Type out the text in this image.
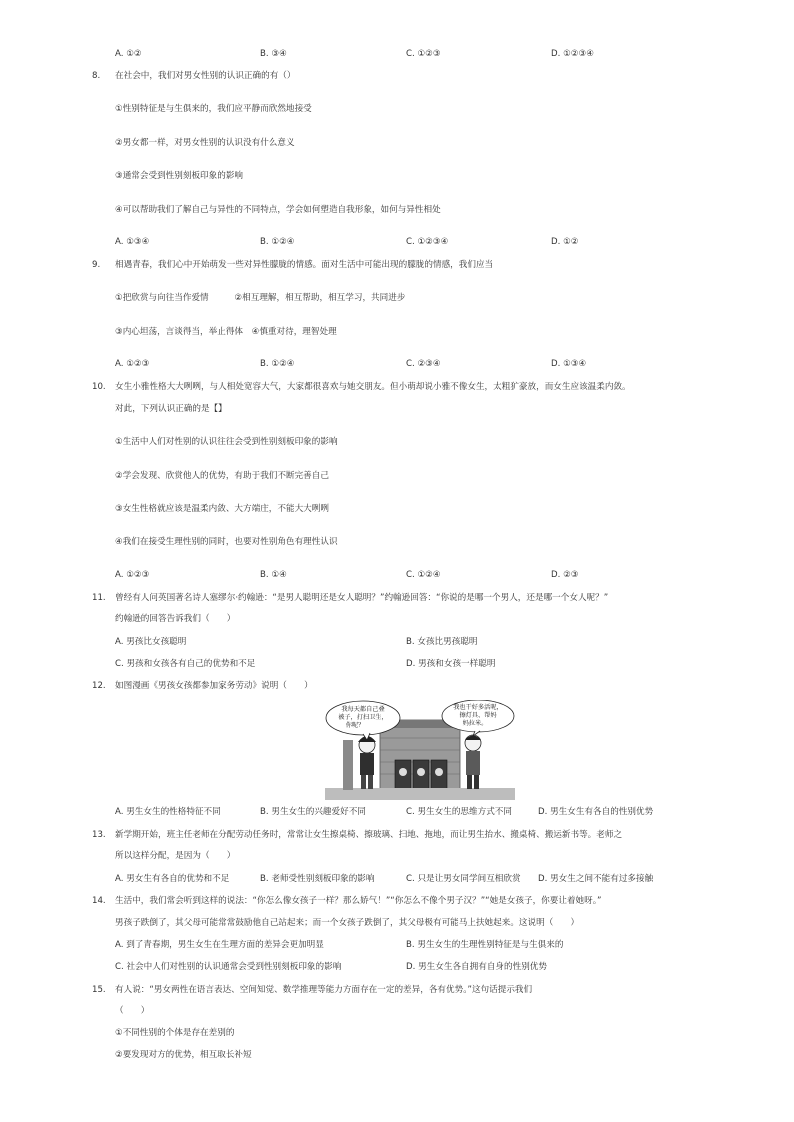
A. ①②	B. ③④	C. ①②③	D. ①②③④
8. 在社会中，我们对男女性别的认识正确的有（）
①性别特征是与生俱来的，我们应平静而欣然地接受
②男女都一样，对男女性别的认识没有什么意义
③通常会受到性别刻板印象的影响
④可以帮助我们了解自己与异性的不同特点，学会如何塑造自我形象，如何与异性相处
A. ①③④	B. ①②④	C. ①②③④	D. ①②
9. 相遇青春，我们心中开始萌发一些对异性朦胧的情感。面对生活中可能出现的朦胧的情感，我们应当
①把欣赏与向往当作爱情　　　②相互理解，相互帮助，相互学习，共同进步
③内心坦荡，言谈得当，举止得体　④慎重对待，理智处理
A. ①②③	B. ①②④	C. ②③④	D. ①③④
10. 女生小雅性格大大咧咧，与人相处宽容大气，大家都很喜欢与她交朋友。但小萌却说小雅不像女生，太粗犷豪放，而女生应该温柔内敛。
对此，下列认识正确的是【】
①生活中人们对性别的认识往往会受到性别刻板印象的影响
②学会发现、欣赏他人的优势，有助于我们不断完善自己
③女生性格就应该是温柔内敛、大方端庄，不能大大咧咧
④我们在接受生理性别的同时，也要对性别角色有理性认识
A. ①②③	B. ①④	C. ①②④	D. ②③
11. 曾经有人问英国著名诗人塞缪尔·约翰逊：“是男人聪明还是女人聪明？”约翰逊回答：“你说的是哪一个男人，还是哪一个女人呢？”
约翰逊的回答告诉我们（　　）
A. 男孩比女孩聪明	B. 女孩比男孩聪明
C. 男孩和女孩各有自己的优势和不足	D. 男孩和女孩一样聪明
12. 如图漫画《男孩女孩都参加家务劳动》说明（　　）
我每天都自己叠
被子，打扫卫生，
你呢？
我也干好多活呢，
擦灯具、帮妈
妈拉米。
A. 男生女生的性格特征不同	B. 男生女生的兴趣爱好不同	C. 男生女生的思维方式不同	D. 男生女生有各自的性别优势
13. 新学期开始，班主任老师在分配劳动任务时，常常让女生擦桌椅、擦玻璃、扫地、拖地，而让男生抬水、搬桌椅、搬运新书等。老师之
所以这样分配，是因为（　　）
A. 男女生有各自的优势和不足	B. 老师受性别刻板印象的影响	C. 只是让男女同学间互相欣赏 D. 男女生之间不能有过多接触
14. 生活中，我们常会听到这样的说法：“你怎么像女孩子一样？那么娇气！”“你怎么不像个男子汉？”“她是女孩子，你要让着她呀。”
男孩子跌倒了，其父母可能常常鼓励他自己站起来；而一个女孩子跌倒了，其父母极有可能马上扶她起来。这说明（　　）
A. 到了青春期，男生女生在生理方面的差异会更加明显	B. 男生女生的生理性别特征是与生俱来的
C. 社会中人们对性别的认识通常会受到性别刻板印象的影响	D. 男生女生各自拥有自身的性别优势
15. 有人说：“男女两性在语言表达、空间知觉、数学推理等能力方面存在一定的差异，各有优势。”这句话提示我们
（　　）
①不同性别的个体是存在差别的
②要发现对方的优势，相互取长补短
